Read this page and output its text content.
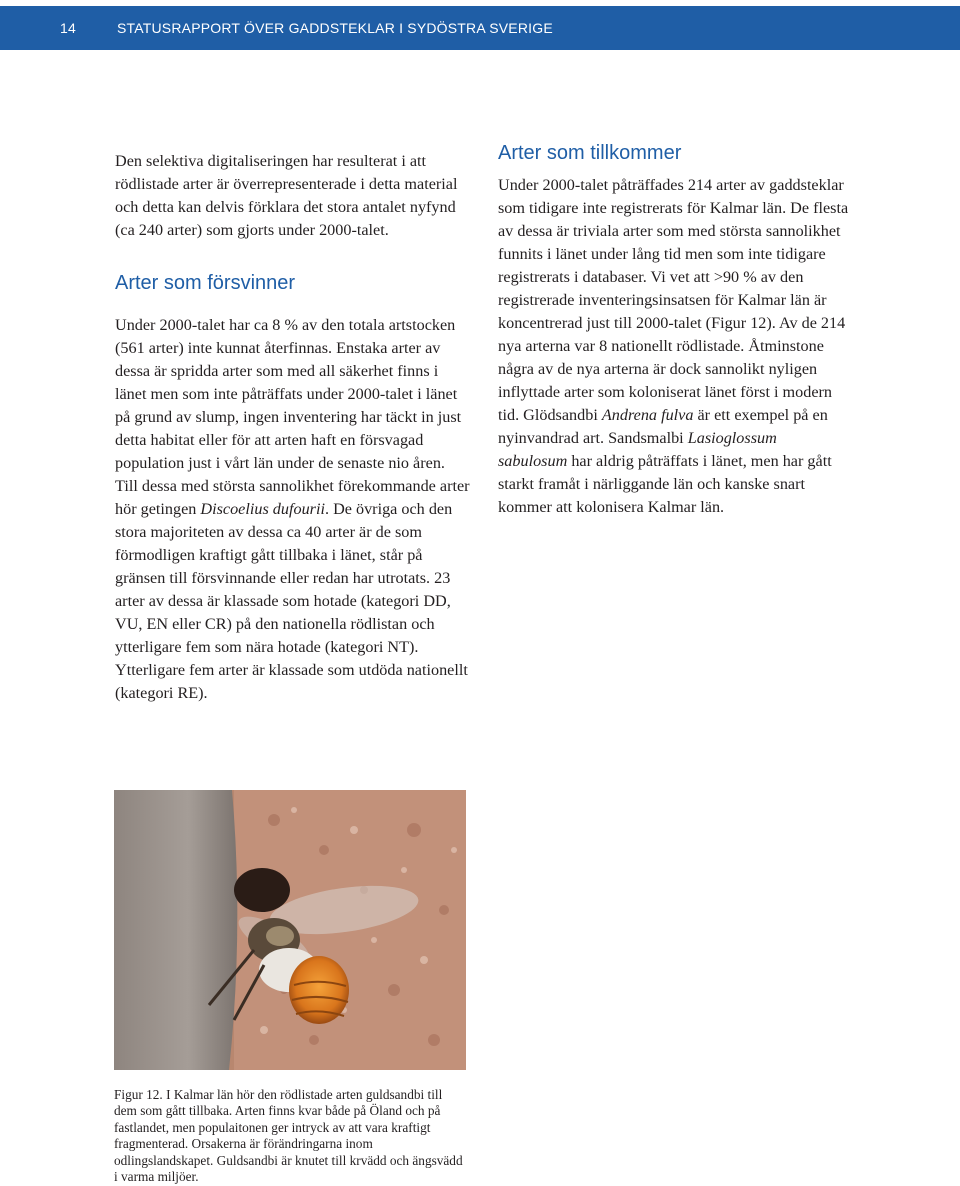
14	STATUSRAPPORT ÖVER GADDSTEKLAR I SYDÖSTRA SVERIGE

Den selektiva digitaliseringen har resulterat i att rödlistade arter är överrepresenterade i detta material och detta kan delvis förklara det stora antalet nyfynd (ca 240 arter) som gjorts under 2000-talet.

Arter som försvinner

Under 2000-talet har ca 8 % av den totala artstocken (561 arter) inte kunnat återfinnas. Enstaka arter av dessa är spridda arter som med all säkerhet finns i länet men som inte påträffats under 2000-talet i länet på grund av slump, ingen inventering har täckt in just detta habitat eller för att arten haft en försvagad population just i vårt län under de senaste nio åren. Till dessa med största sannolikhet förekommande arter hör getingen Discoelius dufourii. De övriga och den stora majoriteten av dessa ca 40 arter är de som förmodligen kraftigt gått tillbaka i länet, står på gränsen till försvinnande eller redan har utrotats. 23 arter av dessa är klassade som hotade (kategori DD, VU, EN eller CR) på den nationella rödlistan och ytterligare fem som nära hotade (kategori NT). Ytterligare fem arter är klassade som utdöda nationellt (kategori RE).

Arter som tillkommer

Under 2000-talet påträffades 214 arter av gaddsteklar som tidigare inte registrerats för Kalmar län. De flesta av dessa är triviala arter som med största sannolikhet funnits i länet under lång tid men som inte tidigare registrerats i databaser. Vi vet att >90 % av den registrerade inventeringsinsatsen för Kalmar län är koncentrerad just till 2000-talet (Figur 12). Av de 214 nya arterna var 8 nationellt rödlistade. Åtminstone några av de nya arterna är dock sannolikt nyligen inflyttade arter som koloniserat länet först i modern tid. Glödsandbi Andrena fulva är ett exempel på en nyinvandrad art. Sandsmalbi Lasioglossum sabulosum har aldrig påträffats i länet, men har gått starkt framåt i närliggande län och kanske snart kommer att kolonisera Kalmar län.

Figur 12. I Kalmar län hör den rödlistade arten guldsandbi till dem som gått tillbaka. Arten finns kvar både på Öland och på fastlandet, men populaitonen ger intryck av att vara kraftigt fragmenterad. Orsakerna är förändringarna inom odlingslandskapet. Guldsandbi är knutet till krvädd och ängsvädd i varma miljöer.
